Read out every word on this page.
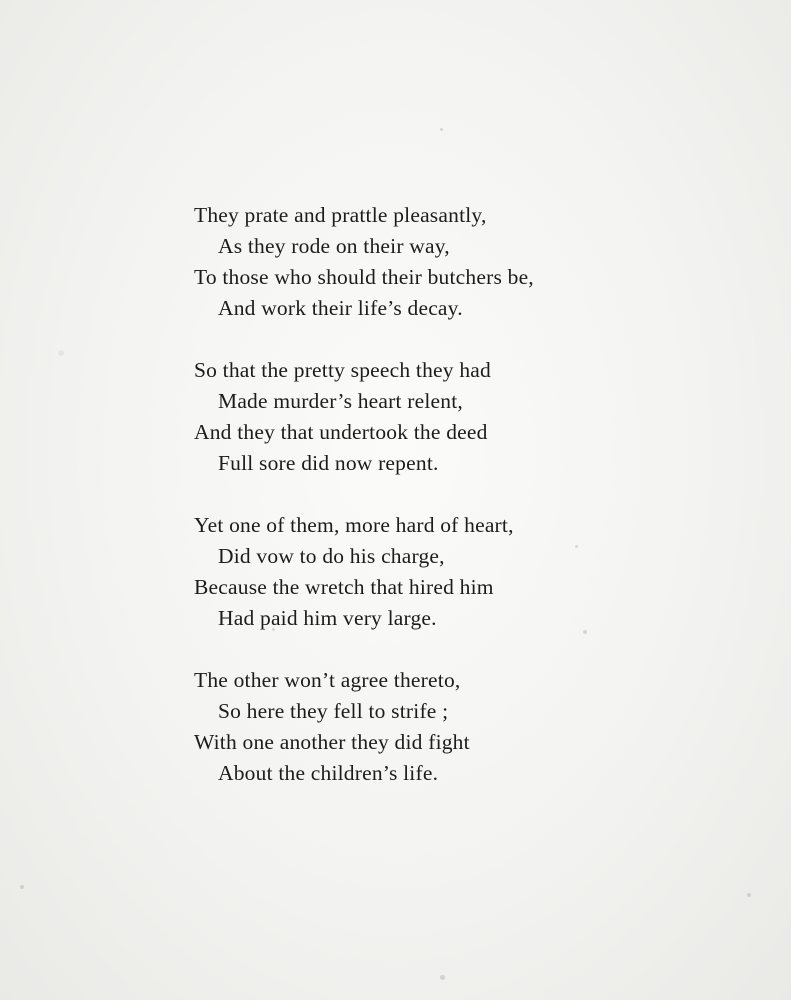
They prate and prattle pleasantly,
As they rode on their way,
To those who should their butchers be,
And work their life’s decay.
So that the pretty speech they had
Made murder’s heart relent,
And they that undertook the deed
Full sore did now repent.
Yet one of them, more hard of heart,
Did vow to do his charge,
Because the wretch that hired him
Had paid him very large.
The other won’t agree thereto,
So here they fell to strife ;
With one another they did fight
About the children’s life.
